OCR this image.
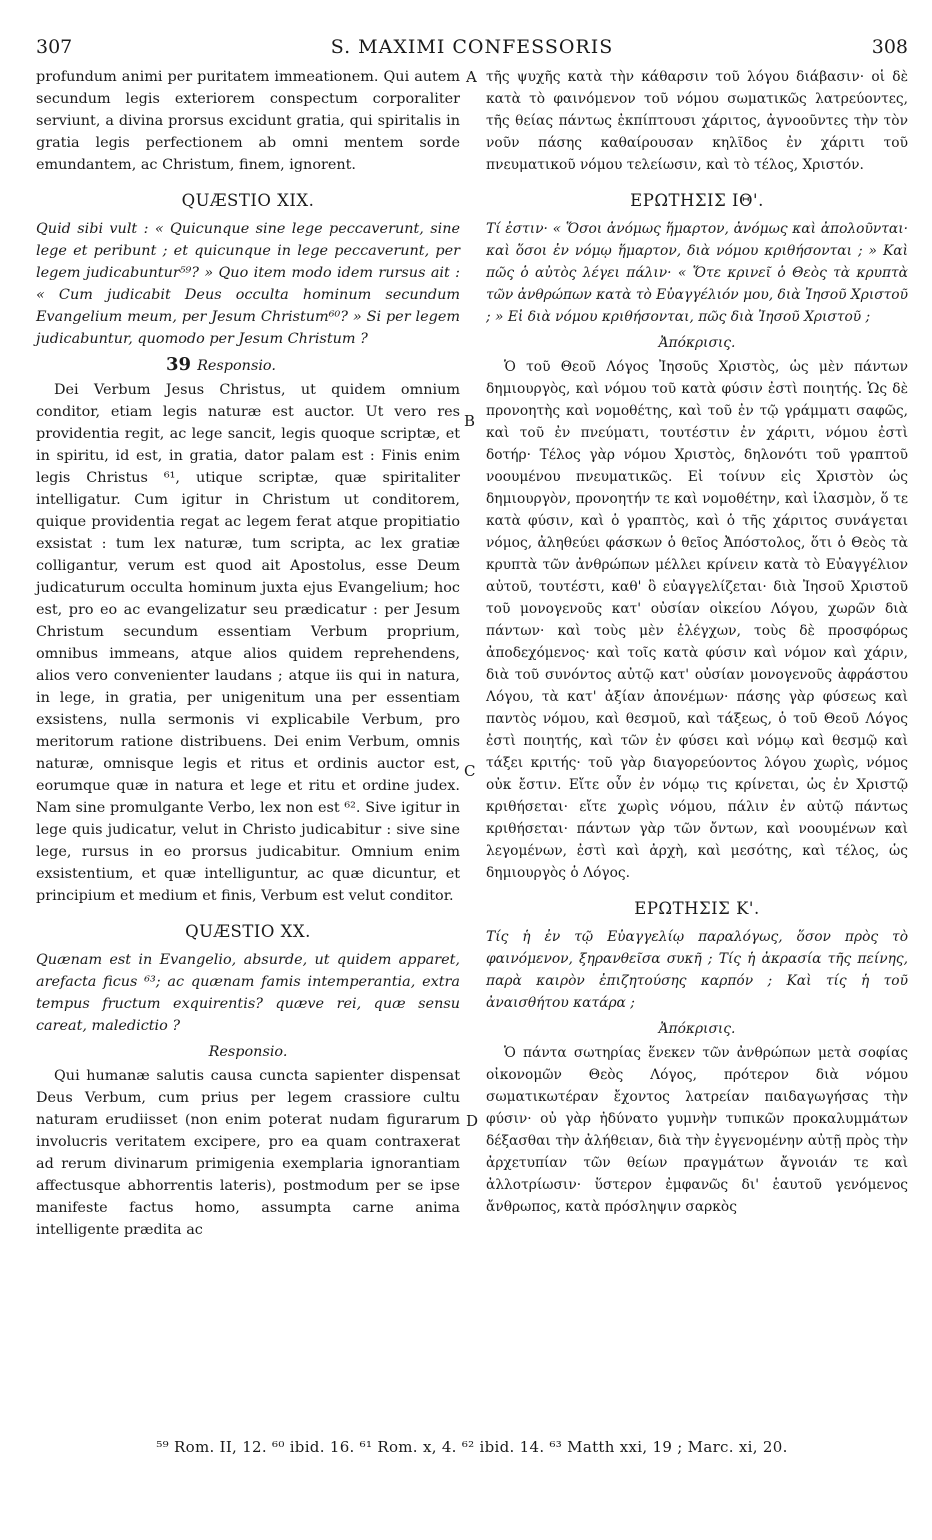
307	S. MAXIMI CONFESSORIS	308

profundum animi per puritatem immeationem. Qui autem secundum legis exteriorem conspectum corporaliter serviunt, a divina prorsus excidunt gratia, qui spiritalis in gratia legis perfectionem ab omni mentem sorde emundantem, ac Christum, finem, ignorent.

QUÆSTIO XIX.

Quid sibi vult : « Quicunque sine lege peccaverunt, sine lege et peribunt ; et quicunque in lege peccaverunt, per legem judicabuntur⁵⁹? » Quo item modo idem rursus ait : « Cum judicabit Deus occulta hominum secundum Evangelium meum, per Jesum Christum⁶⁰? » Si per legem judicabuntur, quomodo per Jesum Christum ?

39 Responsio.

Dei Verbum Jesus Christus, ut quidem omnium conditor, etiam legis naturæ est auctor. Ut vero res providentia regit, ac lege sancit, legis quoque scriptæ, et in spiritu, id est, in gratia, dator palam est : Finis enim legis Christus ⁶¹, utique scriptæ, quæ spiritaliter intelligatur. Cum igitur in Christum ut conditorem, quique providentia regat ac legem ferat atque propitiatio exsistat : tum lex naturæ, tum scripta, ac lex gratiæ colligantur, verum est quod ait Apostolus, esse Deum judicaturum occulta hominum juxta ejus Evangelium; hoc est, pro eo ac evangelizatur seu prædicatur : per Jesum Christum secundum essentiam Verbum proprium, omnibus immeans, atque alios quidem reprehendens, alios vero convenienter laudans ; atque iis qui in natura, in lege, in gratia, per unigenitum una per essentiam exsistens, nulla sermonis vi explicabile Verbum, pro meritorum ratione distribuens. Dei enim Verbum, omnis naturæ, omnisque legis et ritus et ordinis auctor est, eorumque quæ in natura et lege et ritu et ordine judex. Nam sine promulgante Verbo, lex non est ⁶². Sive igitur in lege quis judicatur, velut in Christo judicabitur : sive sine lege, rursus in eo prorsus judicabitur. Omnium enim exsistentium, et quæ intelliguntur, ac quæ dicuntur, et principium et medium et finis, Verbum est velut conditor.

QUÆSTIO XX.

Quænam est in Evangelio, absurde, ut quidem apparet, arefacta ficus ⁶³; ac quænam famis intemperantia, extra tempus fructum exquirentis? quæve rei, quæ sensu careat, maledictio ?

Responsio.

Qui humanæ salutis causa cuncta sapienter dispensat Deus Verbum, cum prius per legem crassiore cultu naturam erudiisset (non enim poterat nudam figurarum involucris veritatem excipere, pro ea quam contraxerat ad rerum divinarum primigenia exemplaria ignorantiam affectusque abhorrentis lateris), postmodum per se ipse manifeste factus homo, assumpta carne anima intelligente prædita ac

A
B
C
D

τῆς ψυχῆς κατὰ τὴν κάθαρσιν τοῦ λόγου διάβασιν· οἱ δὲ κατὰ τὸ φαινόμενον τοῦ νόμου σωματικῶς λατρεύοντες, τῆς θείας πάντως ἐκπίπτουσι χάριτος, ἀγνοοῦντες τὴν τὸν νοῦν πάσης καθαίρουσαν κηλῖδος ἐν χάριτι τοῦ πνευματικοῦ νόμου τελείωσιν, καὶ τὸ τέλος, Χριστόν.

ΕΡΩΤΗΣΙΣ ΙΘ'.

Τί ἐστιν· « Ὅσοι ἀνόμως ἥμαρτον, ἀνόμως καὶ ἀπολοῦνται· καὶ ὅσοι ἐν νόμῳ ἥμαρτον, διὰ νόμου κριθήσονται ; » Καὶ πῶς ὁ αὐτὸς λέγει πάλιν· « Ὅτε κρινεῖ ὁ Θεὸς τὰ κρυπτὰ τῶν ἀνθρώπων κατὰ τὸ Εὐαγγέλιόν μου, διὰ Ἰησοῦ Χριστοῦ ; » Εἰ διὰ νόμου κριθήσονται, πῶς διὰ Ἰησοῦ Χριστοῦ ;

Ἀπόκρισις.

Ὁ τοῦ Θεοῦ Λόγος Ἰησοῦς Χριστὸς, ὡς μὲν πάντων δημιουργὸς, καὶ νόμου τοῦ κατὰ φύσιν ἐστὶ ποιητής. Ὡς δὲ προνοητὴς καὶ νομοθέτης, καὶ τοῦ ἐν τῷ γράμματι σαφῶς, καὶ τοῦ ἐν πνεύματι, τουτέστιν ἐν χάριτι, νόμου ἐστὶ δοτήρ· Τέλος γὰρ νόμου Χριστὸς, δηλονότι τοῦ γραπτοῦ νοουμένου πνευματικῶς. Εἰ τοίνυν εἰς Χριστὸν ὡς δημιουργὸν, προνοητήν τε καὶ νομοθέτην, καὶ ἱλασμὸν, ὅ τε κατὰ φύσιν, καὶ ὁ γραπτὸς, καὶ ὁ τῆς χάριτος συνάγεται νόμος, ἀληθεύει φάσκων ὁ θεῖος Ἀπόστολος, ὅτι ὁ Θεὸς τὰ κρυπτὰ τῶν ἀνθρώπων μέλλει κρίνειν κατὰ τὸ Εὐαγγέλιον αὐτοῦ, τουτέστι, καθ' ὃ εὐαγγελίζεται· διὰ Ἰησοῦ Χριστοῦ τοῦ μονογενοῦς κατ' οὐσίαν οἰκείου Λόγου, χωρῶν διὰ πάντων· καὶ τοὺς μὲν ἐλέγχων, τοὺς δὲ προσφόρως ἀποδεχόμενος· καὶ τοῖς κατὰ φύσιν καὶ νόμον καὶ χάριν, διὰ τοῦ συνόντος αὐτῷ κατ' οὐσίαν μονογενοῦς ἀφράστου Λόγου, τὰ κατ' ἀξίαν ἀπονέμων· πάσης γὰρ φύσεως καὶ παντὸς νόμου, καὶ θεσμοῦ, καὶ τάξεως, ὁ τοῦ Θεοῦ Λόγος ἐστὶ ποιητής, καὶ τῶν ἐν φύσει καὶ νόμῳ καὶ θεσμῷ καὶ τάξει κριτής· τοῦ γὰρ διαγορεύοντος λόγου χωρὶς, νόμος οὐκ ἔστιν. Εἴτε οὖν ἐν νόμῳ τις κρίνεται, ὡς ἐν Χριστῷ κριθήσεται· εἴτε χωρὶς νόμου, πάλιν ἐν αὐτῷ πάντως κριθήσεται· πάντων γὰρ τῶν ὄντων, καὶ νοουμένων καὶ λεγομένων, ἐστὶ καὶ ἀρχὴ, καὶ μεσότης, καὶ τέλος, ὡς δημιουργὸς ὁ Λόγος.

ΕΡΩΤΗΣΙΣ Κ'.

Τίς ἡ ἐν τῷ Εὐαγγελίῳ παραλόγως, ὅσον πρὸς τὸ φαινόμενον, ξηρανθεῖσα συκῆ ; Τίς ἡ ἀκρασία τῆς πείνης, παρὰ καιρὸν ἐπιζητούσης καρπόν ; Καὶ τίς ἡ τοῦ ἀναισθήτου κατάρα ;

Ἀπόκρισις.

Ὁ πάντα σωτηρίας ἕνεκεν τῶν ἀνθρώπων μετὰ σοφίας οἰκονομῶν Θεὸς Λόγος, πρότερον διὰ νόμου σωματικωτέραν ἔχοντος λατρείαν παιδαγωγήσας τὴν φύσιν· οὐ γὰρ ἠδύνατο γυμνὴν τυπικῶν προκαλυμμάτων δέξασθαι τὴν ἀλήθειαν, διὰ τὴν ἐγγενομένην αὐτῇ πρὸς τὴν ἀρχετυπίαν τῶν θείων πραγμάτων ἄγνοιάν τε καὶ ἀλλοτρίωσιν· ὕστερον ἐμφανῶς δι' ἑαυτοῦ γενόμενος ἄνθρωπος, κατὰ πρόσληψιν σαρκὸς

⁵⁹ Rom. II, 12. ⁶⁰ ibid. 16. ⁶¹ Rom. x, 4. ⁶² ibid. 14. ⁶³ Matth xxi, 19 ; Marc. xi, 20.
